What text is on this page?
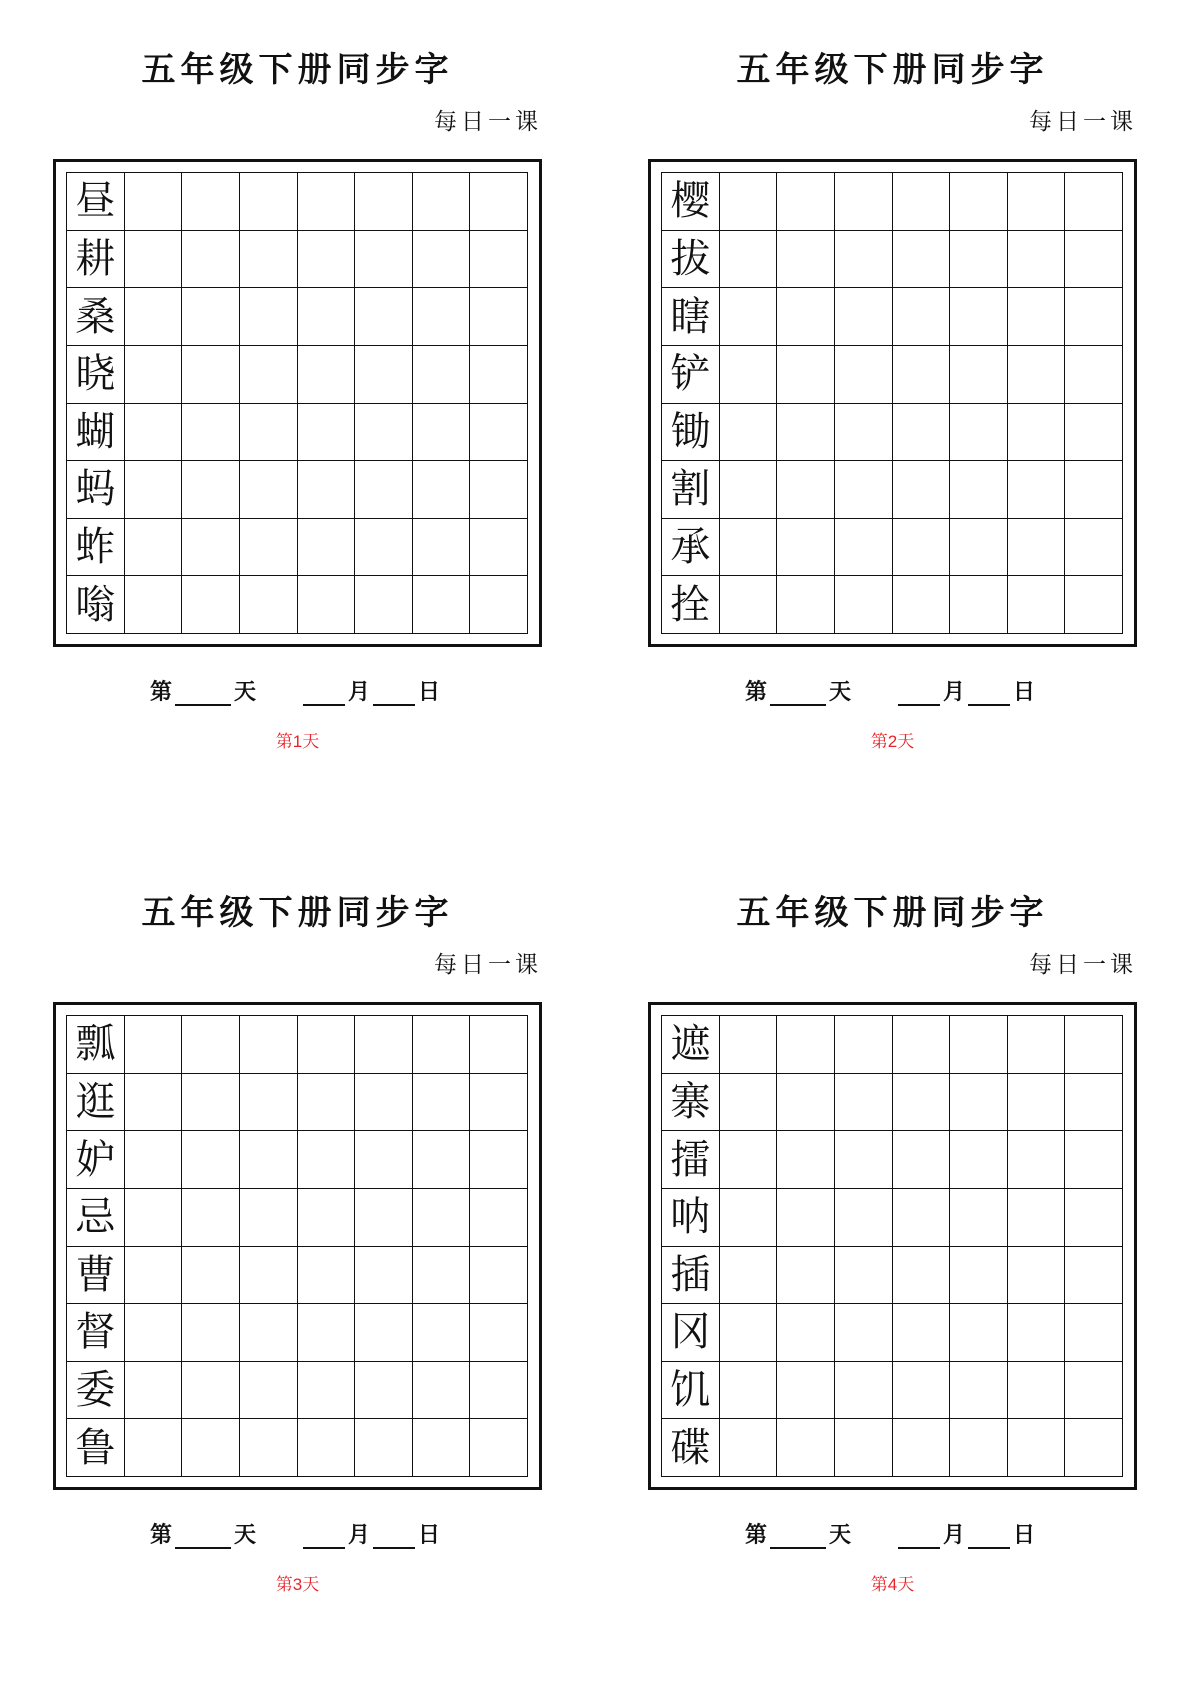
五年级下册同步字
每日一课
昼
耕
桑
晓
蝴
蚂
蚱
嗡
第	天	月 日
第1天
五年级下册同步字
每日一课
樱
拔
瞎
铲
锄
割
承
拴
第	天	月 日
第2天
五年级下册同步字
每日一课
瓢
逛
妒
忌
曹
督
委
鲁
第	天	月 日
第3天
五年级下册同步字
每日一课
遮
寨
擂
呐
插
冈
饥
碟
第	天	月 日
第4天
